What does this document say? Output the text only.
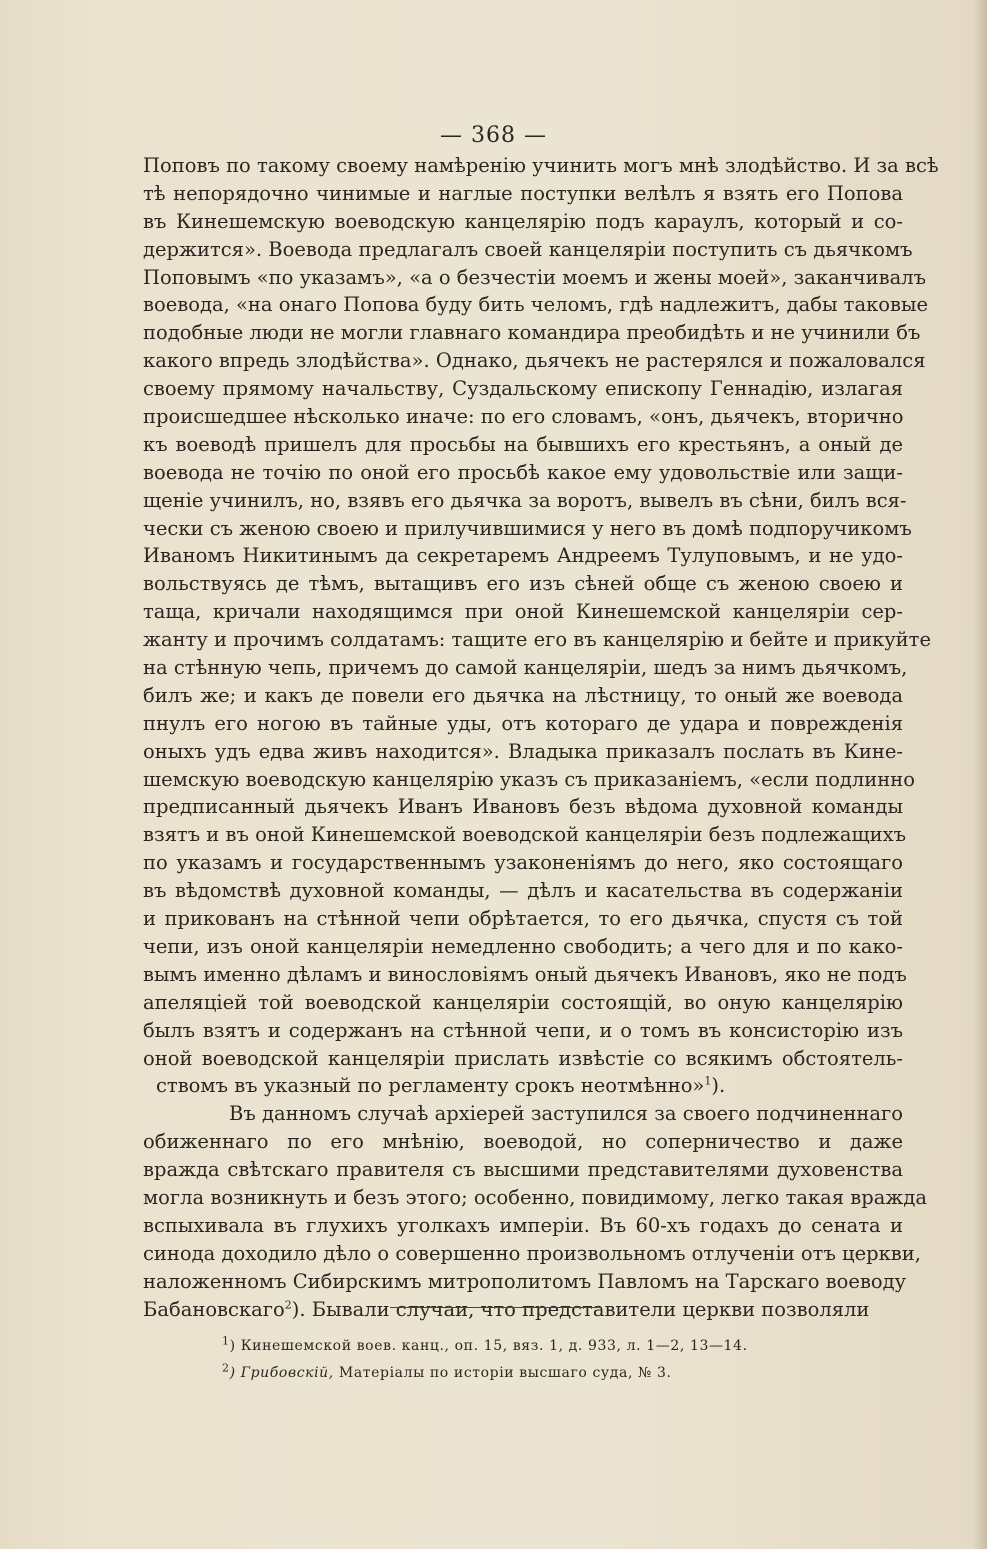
— 368 —
Поповъ по такому своему намѣренію учинить могъ мнѣ злодѣйство. И за всѣ
тѣ непорядочно чинимые и наглые поступки велѣлъ я взять его Попова
въ Кинешемскую воеводскую канцелярію подъ караулъ, который и со-
держится». Воевода предлагалъ своей канцеляріи поступить съ дьячкомъ
Поповымъ «по указамъ», «а о безчестіи моемъ и жены моей», заканчивалъ
воевода, «на онаго Попова буду бить челомъ, гдѣ надлежитъ, дабы таковые
подобные люди не могли главнаго командира преобидѣть и не учинили бъ
какого впредь злодѣйства». Однако, дьячекъ не растерялся и пожаловался
своему прямому начальству, Суздальскому епископу Геннадію, излагая
происшедшее нѣсколько иначе: по его словамъ, «онъ, дьячекъ, вторично
къ воеводѣ пришелъ для просьбы на бывшихъ его крестьянъ, а оный де
воевода не точію по оной его просьбѣ какое ему удовольствіе или защи-
щеніе учинилъ, но, взявъ его дьячка за воротъ, вывелъ въ сѣни, билъ вся-
чески съ женою своею и прилучившимися у него въ домѣ подпоручикомъ
Иваномъ Никитинымъ да секретаремъ Андреемъ Тулуповымъ, и не удо-
вольствуясь де тѣмъ, вытащивъ его изъ сѣней обще съ женою своею и
таща, кричали находящимся при оной Кинешемской канцеляріи сер-
жанту и прочимъ солдатамъ: тащите его въ канцелярію и бейте и прикуйте
на стѣнную чепь, причемъ до самой канцеляріи, шедъ за нимъ дьячкомъ,
билъ же; и какъ де повели его дьячка на лѣстницу, то оный же воевода
пнулъ его ногою въ тайные уды, отъ котораго де удара и поврежденія
оныхъ удъ едва живъ находится». Владыка приказалъ послать въ Кине-
шемскую воеводскую канцелярію указъ съ приказаніемъ, «если подлинно
предписанный дьячекъ Иванъ Ивановъ безъ вѣдома духовной команды
взятъ и въ оной Кинешемской воеводской канцеляріи безъ подлежащихъ
по указамъ и государственнымъ узаконеніямъ до него, яко состоящаго
въ вѣдомствѣ духовной команды, — дѣлъ и касательства въ содержаніи
и прикованъ на стѣнной чепи обрѣтается, то его дьячка, спустя съ той
чепи, изъ оной канцеляріи немедленно свободить; а чего для и по како-
вымъ именно дѣламъ и винословіямъ оный дьячекъ Ивановъ, яко не подъ
апеляціей той воеводской канцеляріи состоящій, во оную канцелярію
былъ взятъ и содержанъ на стѣнной чепи, и о томъ въ консисторію изъ
оной воеводской канцеляріи прислать извѣстіе со всякимъ обстоятель-
ствомъ въ указный по регламенту срокъ неотмѣнно»$^1$).
Въ данномъ случаѣ архіерей заступился за своего подчиненнаго
обиженнаго по его мнѣнію, воеводой, но соперничество и даже
вражда свѣтскаго правителя съ высшими представителями духовенства
могла возникнуть и безъ этого; особенно, повидимому, легко такая вражда
вспыхивала въ глухихъ уголкахъ имперіи. Въ 60-хъ годахъ до сената и
синода доходило дѣло о совершенно произвольномъ отлученіи отъ церкви,
наложенномъ Сибирскимъ митрополитомъ Павломъ на Тарскаго воеводу
Бабановскаго$^2$). Бывали случаи, что представители церкви позволяли
$^1$) Кинешемской воев. канц., оп. 15, вяз. 1, д. 933, л. 1—2, 13—14.
$^2$) Грибовскій, Матеріалы по исторіи высшаго суда, № 3.
